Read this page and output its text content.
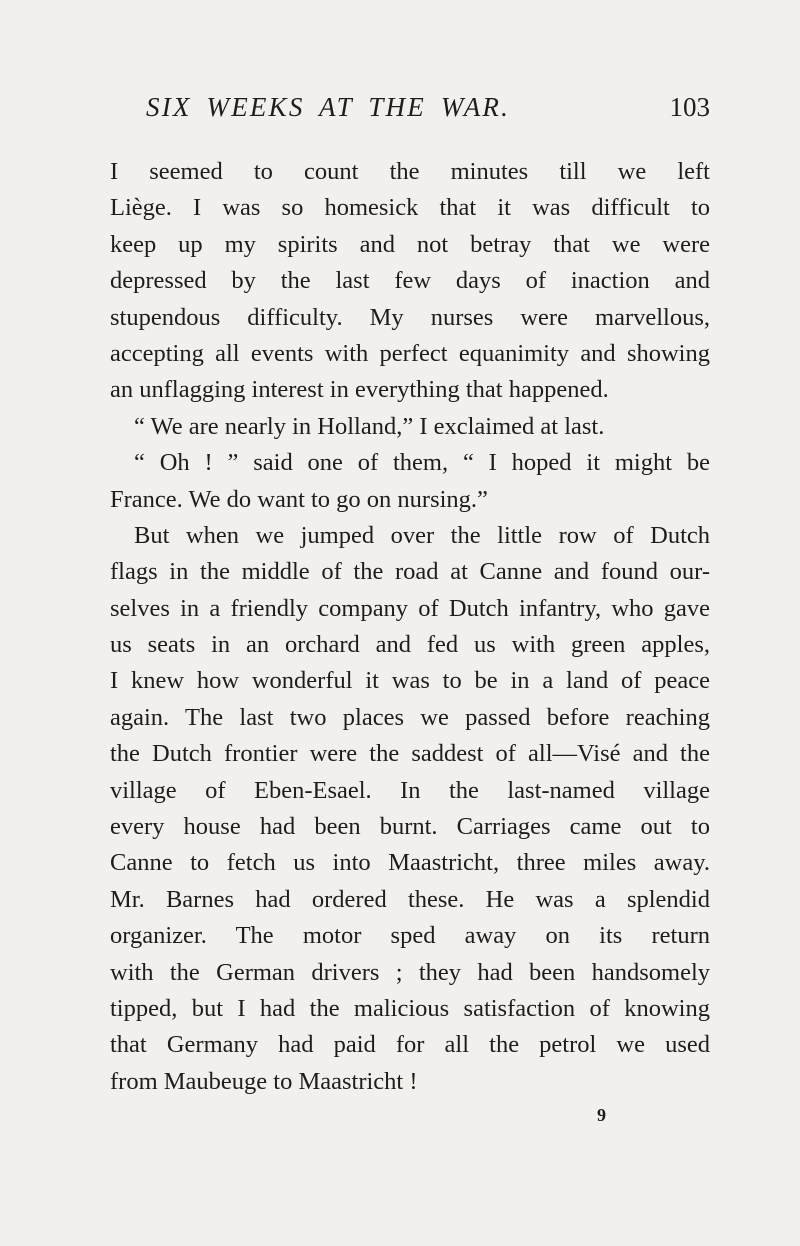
SIX WEEKS AT THE WAR.	103
I seemed to count the minutes till we left
Liège. I was so homesick that it was difficult to
keep up my spirits and not betray that we were
depressed by the last few days of inaction and
stupendous difficulty. My nurses were marvellous,
accepting all events with perfect equanimity and showing
an unflagging interest in everything that happened.
“ We are nearly in Holland,” I exclaimed at last.
“ Oh ! ” said one of them, “ I hoped it might be
France. We do want to go on nursing.”
But when we jumped over the little row of Dutch
flags in the middle of the road at Canne and found our-
selves in a friendly company of Dutch infantry, who gave
us seats in an orchard and fed us with green apples,
I knew how wonderful it was to be in a land of peace
again. The last two places we passed before reaching
the Dutch frontier were the saddest of all—Visé and the
village of Eben-Esael. In the last-named village
every house had been burnt. Carriages came out to
Canne to fetch us into Maastricht, three miles away.
Mr. Barnes had ordered these. He was a splendid
organizer. The motor sped away on its return
with the German drivers ; they had been handsomely
tipped, but I had the malicious satisfaction of knowing
that Germany had paid for all the petrol we used
from Maubeuge to Maastricht !
9
